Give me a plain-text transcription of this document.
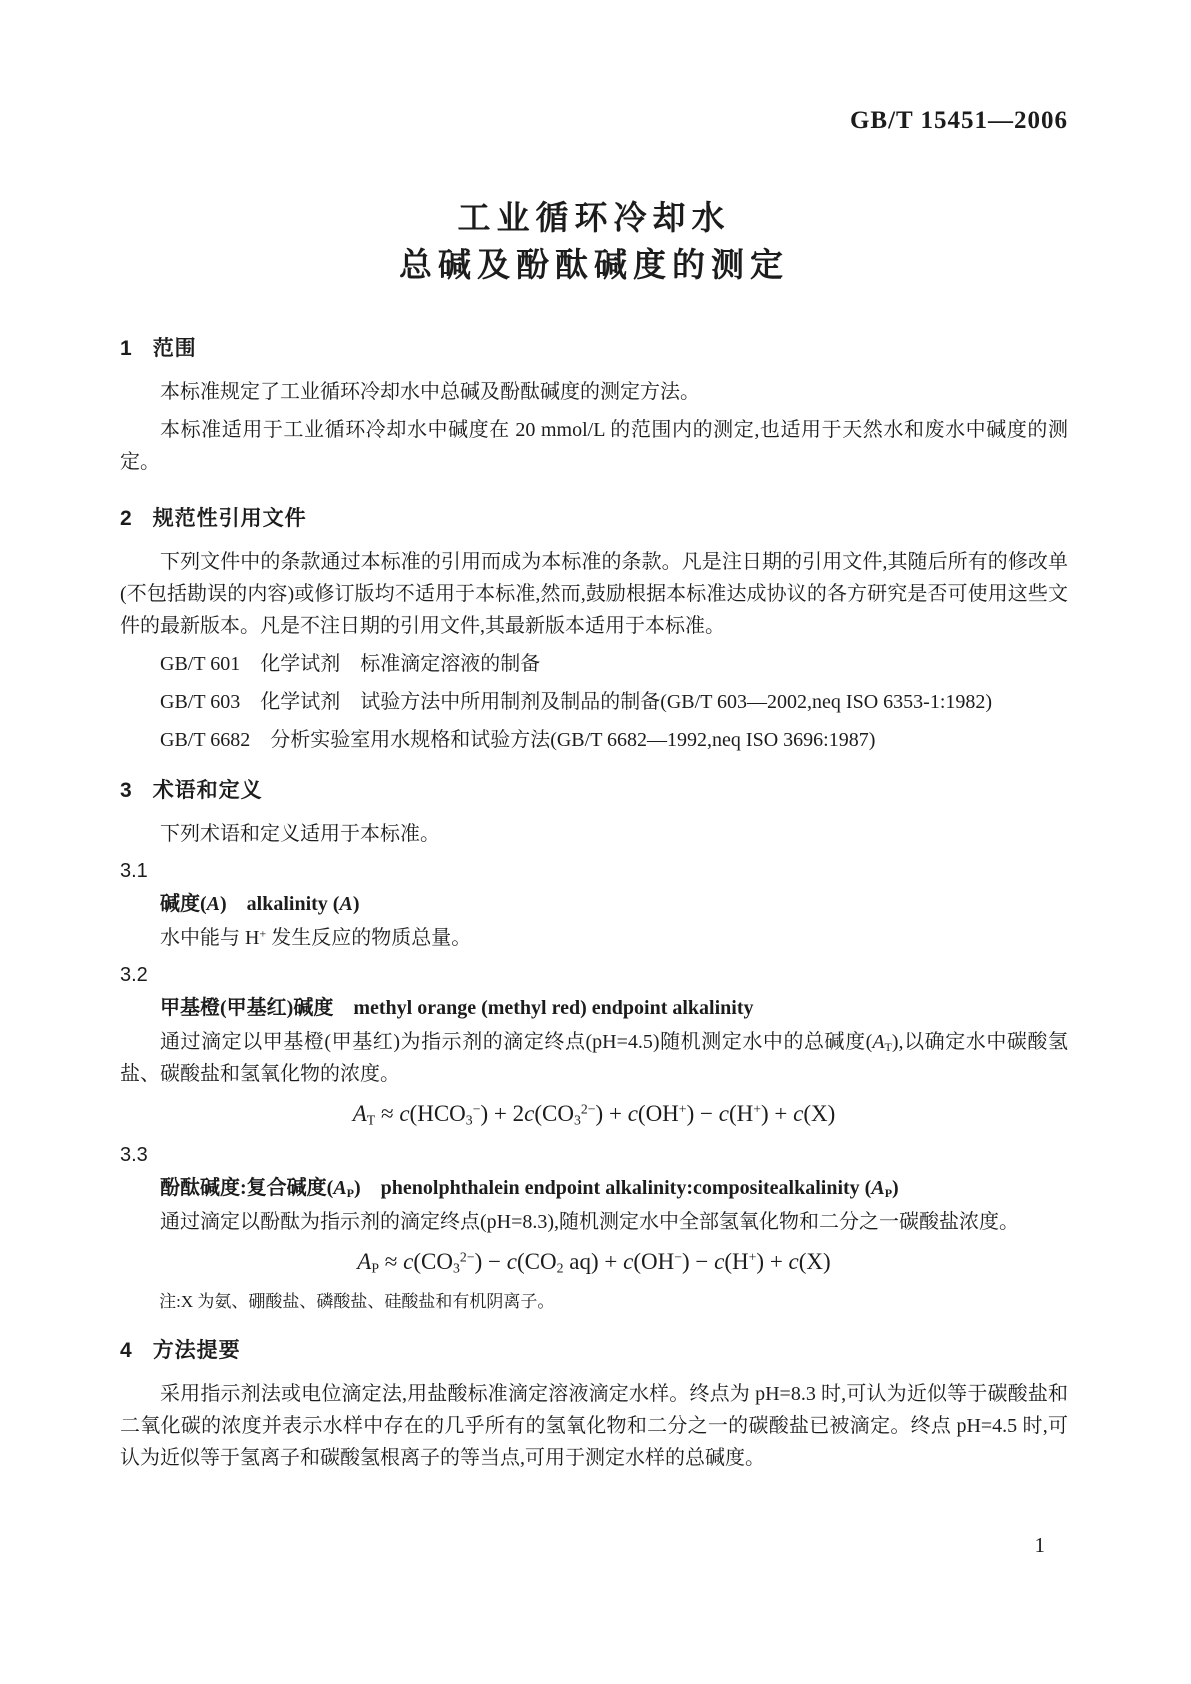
GB/T 15451—2006
工业循环冷却水
总碱及酚酞碱度的测定
1 范围

本标准规定了工业循环冷却水中总碱及酚酞碱度的测定方法。

本标准适用于工业循环冷却水中碱度在 20 mmol/L 的范围内的测定,也适用于天然水和废水中碱度的测定。

2 规范性引用文件

下列文件中的条款通过本标准的引用而成为本标准的条款。凡是注日期的引用文件,其随后所有的修改单(不包括勘误的内容)或修订版均不适用于本标准,然而,鼓励根据本标准达成协议的各方研究是否可使用这些文件的最新版本。凡是不注日期的引用文件,其最新版本适用于本标准。

GB/T 601　化学试剂　标准滴定溶液的制备

GB/T 603　化学试剂　试验方法中所用制剂及制品的制备(GB/T 603—2002,neq ISO 6353-1:1982)

GB/T 6682　分析实验室用水规格和试验方法(GB/T 6682—1992,neq ISO 3696:1987)

3 术语和定义

下列术语和定义适用于本标准。

3.1
碱度(A)　alkalinity (A)

水中能与 H+ 发生反应的物质总量。

3.2
甲基橙(甲基红)碱度　methyl orange (methyl red) endpoint alkalinity

通过滴定以甲基橙(甲基红)为指示剂的滴定终点(pH=4.5)随机测定水中的总碱度$(A_T)$,以确定水中碳酸氢盐、碳酸盐和氢氧化物的浓度。

$A_T \approx c(HCO_3^-) + 2c(CO_3^{2-}) + c(OH^+) - c(H^+) + c(X)$
3.3
酚酞碱度:复合碱度$(A_P)$　phenolphthalein endpoint alkalinity:compositealkalinity $(A_P)$

通过滴定以酚酞为指示剂的滴定终点(pH=8.3),随机测定水中全部氢氧化物和二分之一碳酸盐浓度。

$A_P \approx c(CO_3^{2-}) - c(CO_2$ aq) + c(OH−) − c(H+) + c(X)

注:X 为氨、硼酸盐、磷酸盐、硅酸盐和有机阴离子。

4 方法提要

采用指示剂法或电位滴定法,用盐酸标准滴定溶液滴定水样。终点为 pH=8.3 时,可认为近似等于碳酸盐和二氧化碳的浓度并表示水样中存在的几乎所有的氢氧化物和二分之一的碳酸盐已被滴定。终点 pH=4.5 时,可认为近似等于氢离子和碳酸氢根离子的等当点,可用于测定水样的总碱度。

1
